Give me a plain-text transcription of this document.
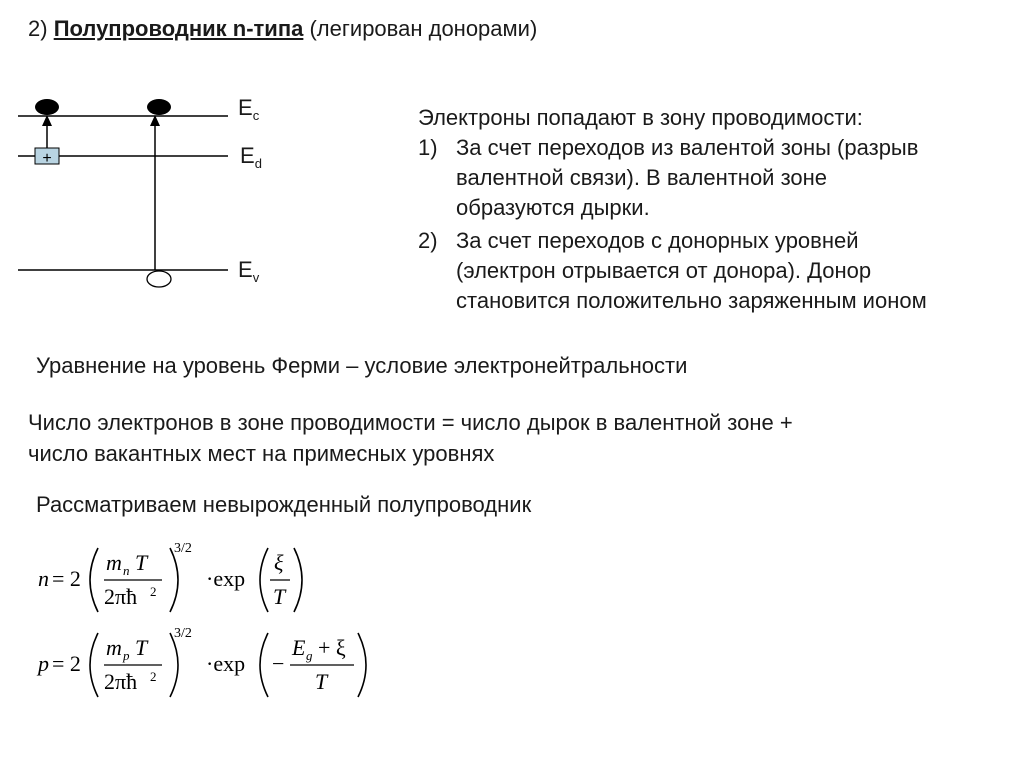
2) Полупроводник n-типа (легирован донорами)
+
$E_c$
$E_d$
$E_v$
Электроны попадают в зону проводимости:
1) За счет переходов из валентой зоны (разрыв
валентной связи). В валентной зоне
образуются дырки.
2) За счет переходов с донорных уровней
(электрон отрывается от донора). Донор
становится положительно заряженным ионом
Уравнение на уровень Ферми – условие электронейтральности
Число электронов в зоне проводимости = число дырок в валентной зоне +
число вакантных мест на примесных уровнях
Рассматриваем невырожденный полупроводник
n = 2
m n T
2πħ 2
3/2
·exp
ξ
T
p = 2
m p T
2πħ 2
3/2
·exp −
E g + ξ
T
